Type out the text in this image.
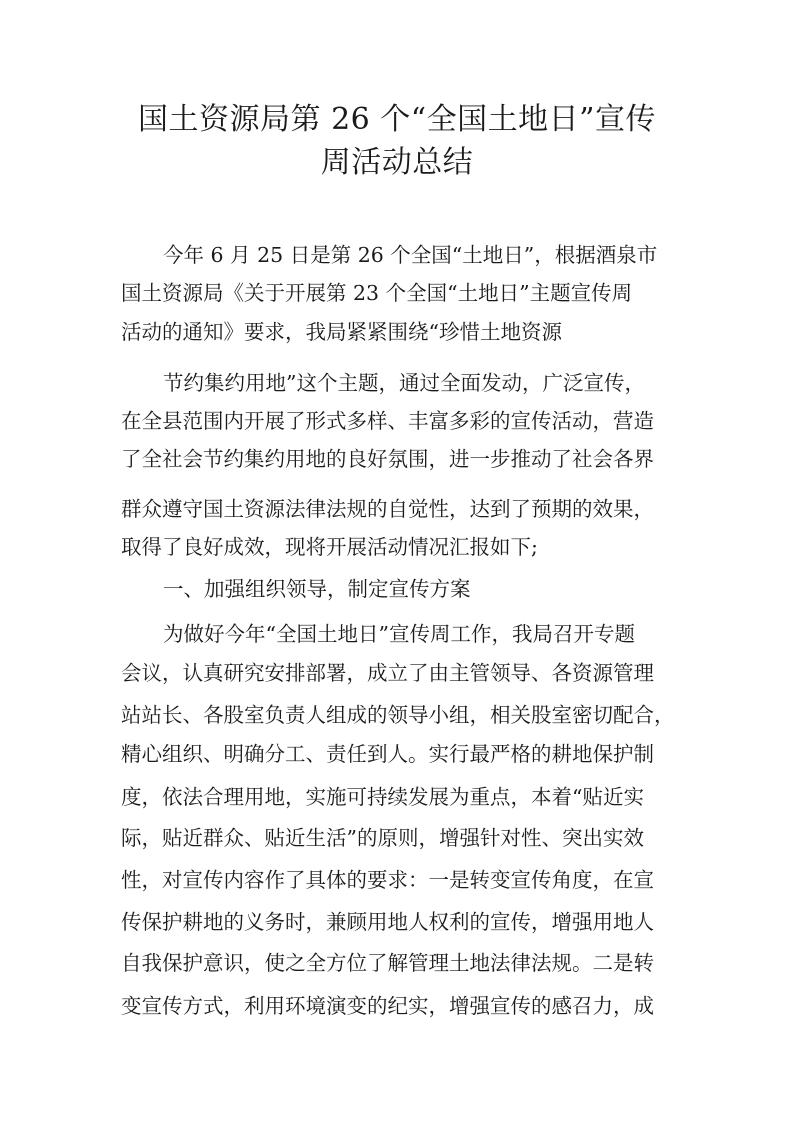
国土资源局第 26 个“全国土地日”宣传
周活动总结

今年 6 月 25 日是第 26 个全国“土地日”，根据酒泉市

国土资源局《关于开展第 23 个全国“土地日”主题宣传周

活动的通知》要求，我局紧紧围绕“珍惜土地资源

节约集约用地”这个主题，通过全面发动，广泛宣传，

在全县范围内开展了形式多样、丰富多彩的宣传活动，营造

了全社会节约集约用地的良好氛围，进一步推动了社会各界

群众遵守国土资源法律法规的自觉性，达到了预期的效果，

取得了良好成效，现将开展活动情况汇报如下;

一、加强组织领导，制定宣传方案

为做好今年“全国土地日”宣传周工作，我局召开专题

会议，认真研究安排部署，成立了由主管领导、各资源管理

站站长、各股室负责人组成的领导小组，相关股室密切配合，

精心组织、明确分工、责任到人。实行最严格的耕地保护制

度，依法合理用地，实施可持续发展为重点，本着“贴近实

际，贴近群众、贴近生活”的原则，增强针对性、突出实效

性，对宣传内容作了具体的要求：一是转变宣传角度，在宣

传保护耕地的义务时，兼顾用地人权利的宣传，增强用地人

自我保护意识，使之全方位了解管理土地法律法规。二是转

变宣传方式，利用环境演变的纪实，增强宣传的感召力，成
